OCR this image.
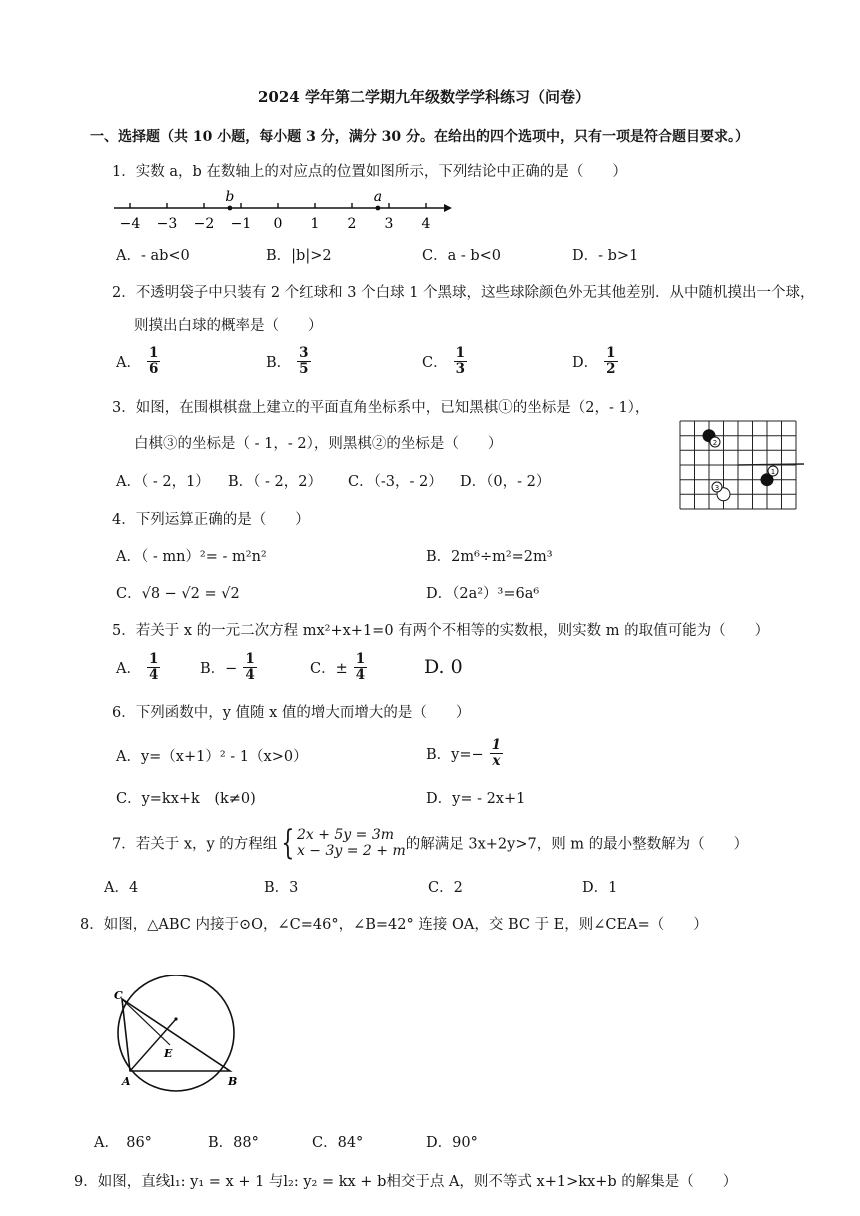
2024 学年第二学期九年级数学学科练习（问卷）
一、选择题（共 10 小题，每小题 3 分，满分 30 分。在给出的四个选项中，只有一项是符合题目要求。）
1．实数 a，b 在数轴上的对应点的位置如图所示，下列结论中正确的是（　　）
−4 −3 −2 −1 0 1 2 3 4
b	a
A．- ab<0	B．|b|>2	C．a - b<0	D．- b>1
2．不透明袋子中只装有 2 个红球和 3 个白球 1 个黑球，这些球除颜色外无其他差别．从中随机摸出一个球，
则摸出白球的概率是（　　）
A． $\frac{1}{6}$	B． $\frac{3}{5}$	C． $\frac{1}{3}$	D． $\frac{1}{2}$
3．如图，在围棋棋盘上建立的平面直角坐标系中，已知黑棋①的坐标是（2，- 1），
白棋③的坐标是（ - 1，- 2），则黑棋②的坐标是（　　）
A．（ - 2，1） B．（ - 2，2） C．（-3，- 2） D．（0，- 2）
2
1
3
4．下列运算正确的是（　　）
A．（ - mn）²= - m²n²	B．2m⁶÷m²=2m³
C．√8 − √2 = √2	D．（2a²）³=6a⁶
5．若关于 x 的一元二次方程 mx²+x+1=0 有两个不相等的实数根，则实数 m 的取值可能为（　　）
A． $\frac{1}{4}$	B．− $\frac{1}{4}$	C．± $\frac{1}{4}$	D. 0
6．下列函数中，y 值随 x 值的增大而增大的是（　　）
A．y=（x+1）² - 1（x>0）	B．$y=- \frac{1}{x}$
C．y=kx+k　(k≠0)	D．y= - 2x+1
7．若关于 x，y 的方程组 { 2x + 5y = 3m
x − 3y = 2 + m 的解满足 3x+2y>7，则 m 的最小整数解为（　　）
A．4	B．3	C．2	D．1
8．如图，△ABC 内接于⊙O，∠C=46°，∠B=42° 连接 OA，交 BC 于 E，则∠CEA=（　　）
C
A	B
E
A．　86°	B．88°	C．84°	D．90°
9．如图，直线l₁: y₁ = x + 1 与l₂: y₂ = kx + b相交于点 A，则不等式 x+1>kx+b 的解集是（　　）
